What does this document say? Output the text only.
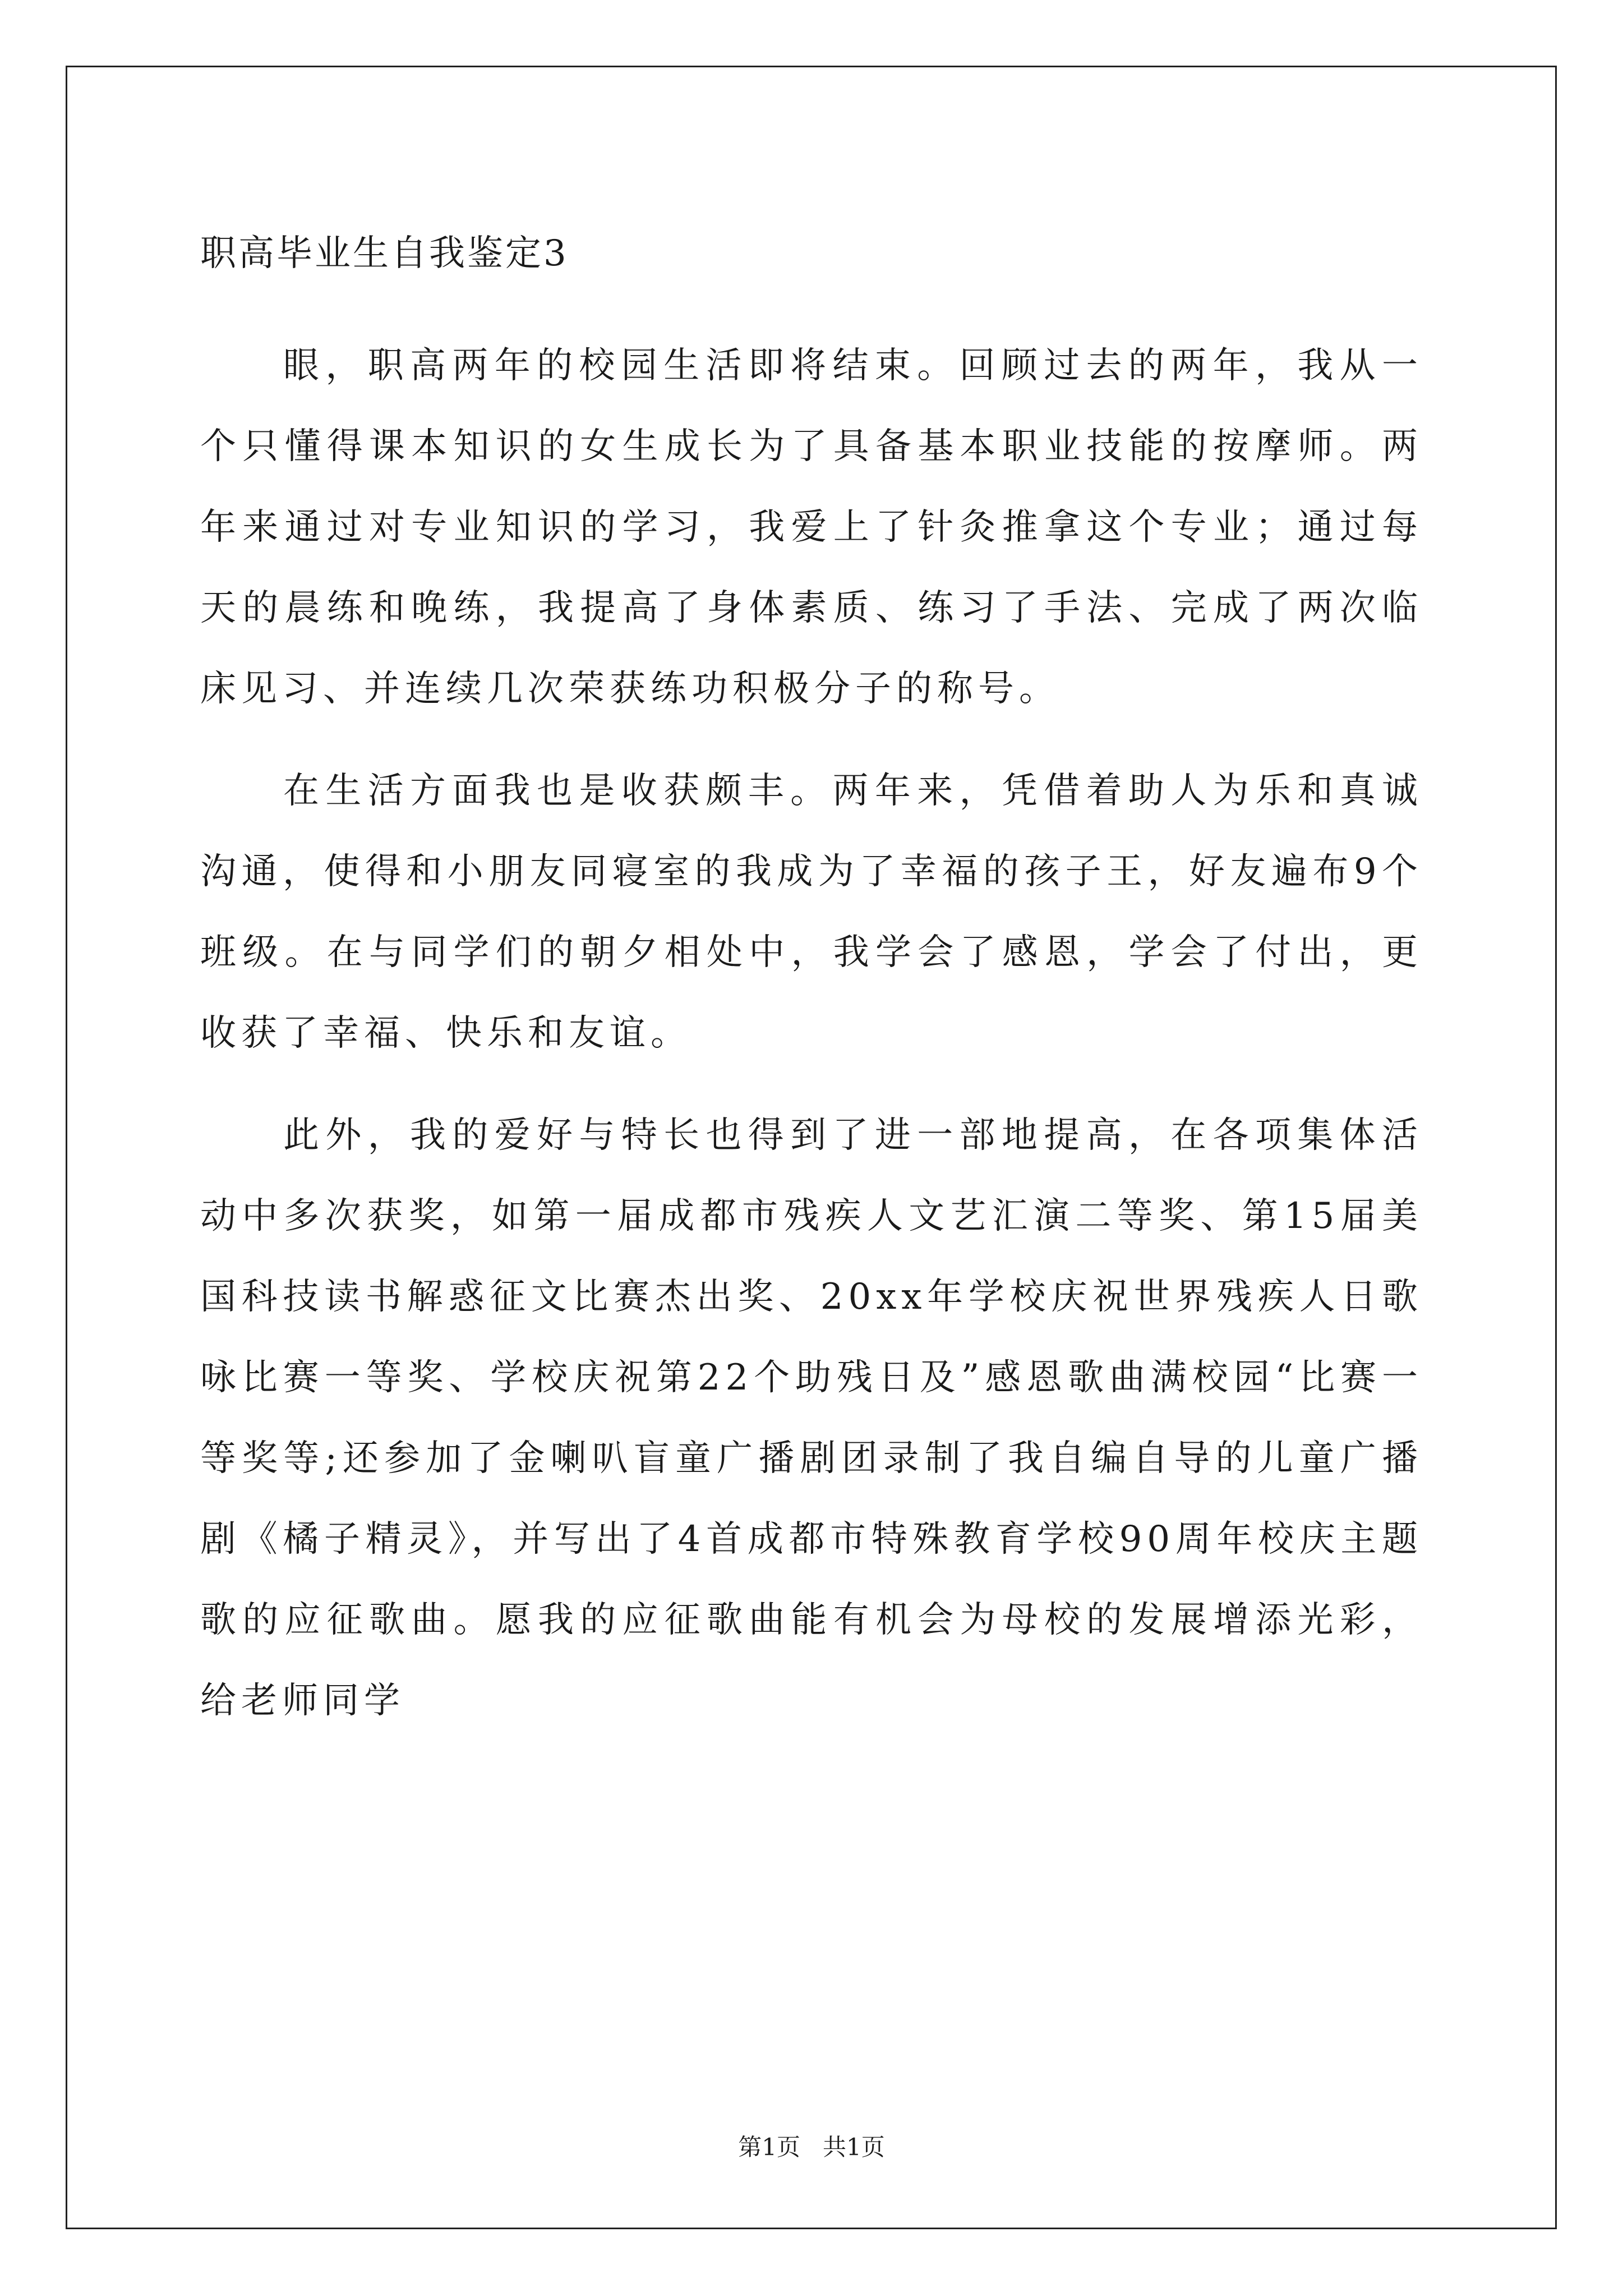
职高毕业生自我鉴定3

眼，职高两年的校园生活即将结束。回顾过去的两年，我从一个只懂得课本知识的女生成长为了具备基本职业技能的按摩师。两年来通过对专业知识的学习，我爱上了针灸推拿这个专业；通过每天的晨练和晚练，我提高了身体素质、练习了手法、完成了两次临床见习、并连续几次荣获练功积极分子的称号。

在生活方面我也是收获颇丰。两年来，凭借着助人为乐和真诚沟通，使得和小朋友同寝室的我成为了幸福的孩子王，好友遍布9个班级。在与同学们的朝夕相处中，我学会了感恩，学会了付出，更收获了幸福、快乐和友谊。

此外，我的爱好与特长也得到了进一部地提高，在各项集体活动中多次获奖，如第一届成都市残疾人文艺汇演二等奖、第15届美国科技读书解惑征文比赛杰出奖、20xx年学校庆祝世界残疾人日歌咏比赛一等奖、学校庆祝第22个助残日及”感恩歌曲满校园“比赛一等奖等;还参加了金喇叭盲童广播剧团录制了我自编自导的儿童广播剧《橘子精灵》，并写出了4首成都市特殊教育学校90周年校庆主题歌的应征歌曲。愿我的应征歌曲能有机会为母校的发展增添光彩，给老师同学

第1页 共1页
